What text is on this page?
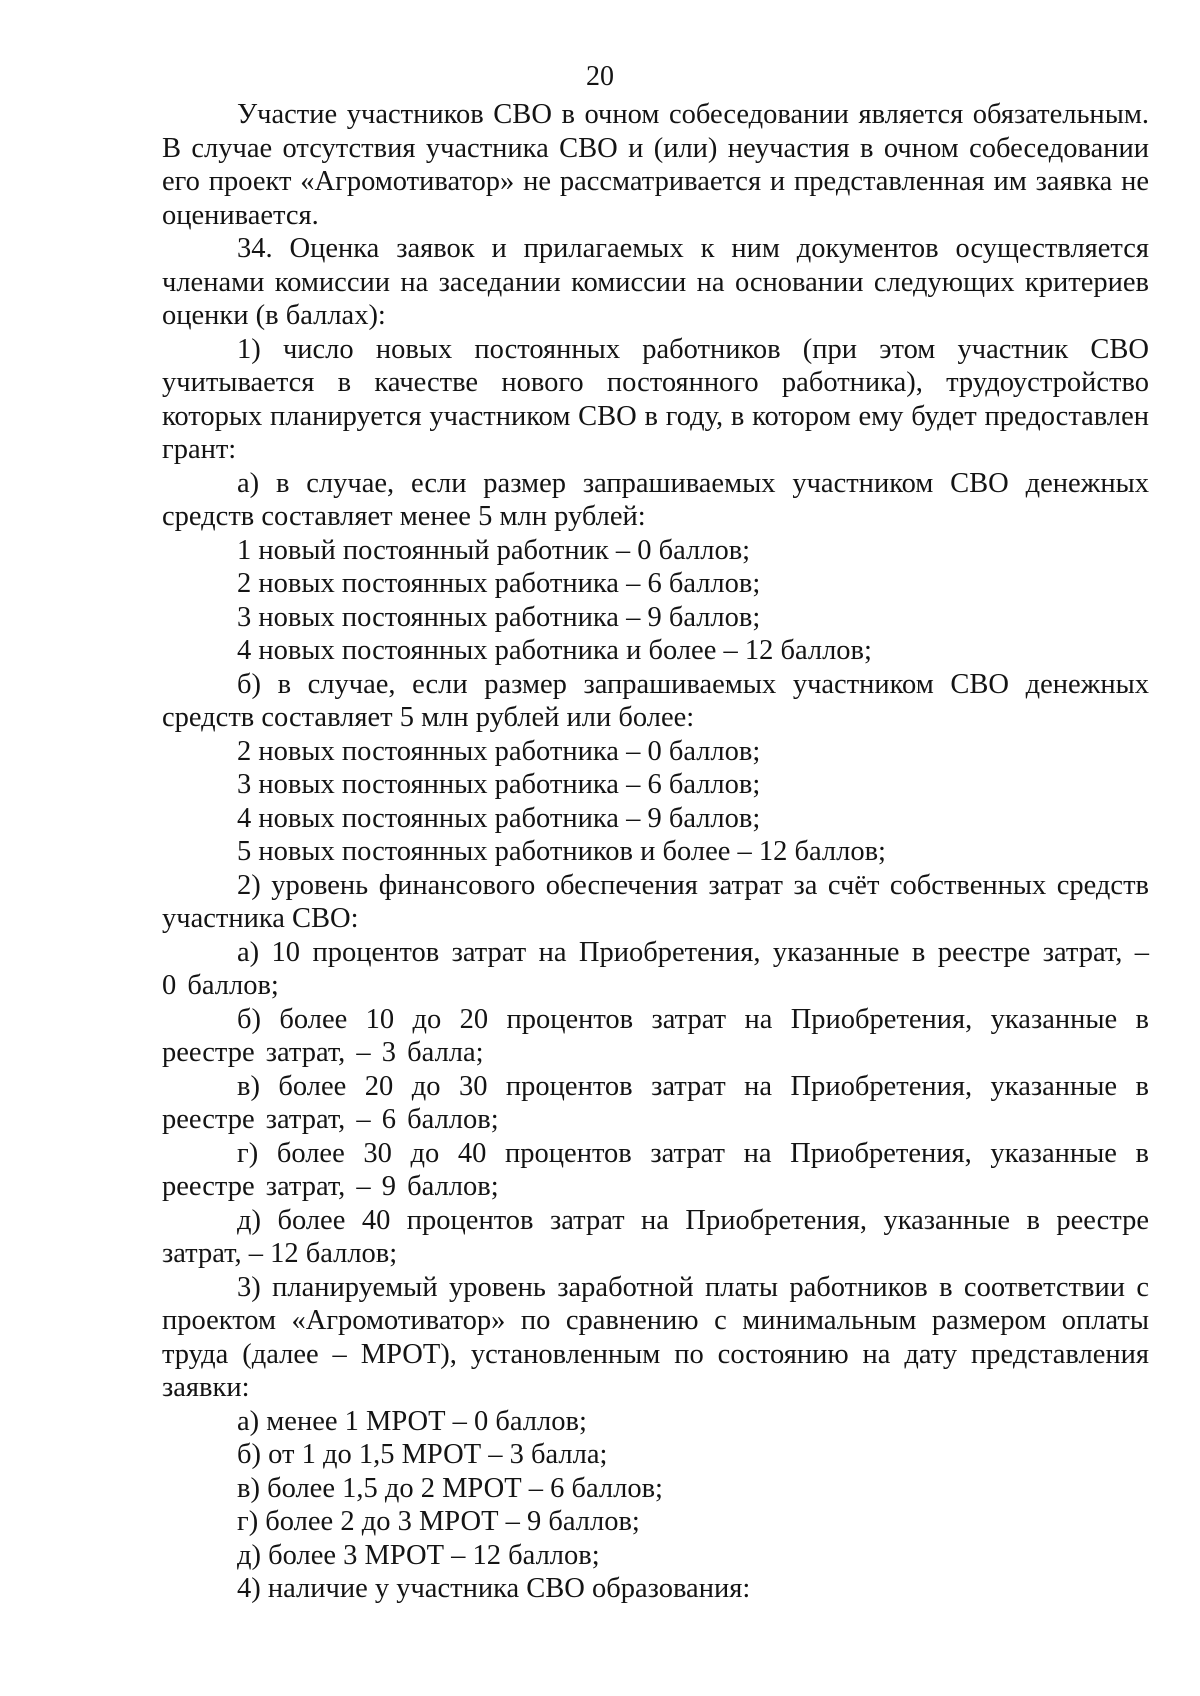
20

Участие участников СВО в очном собеседовании является обязательным. В случае отсутствия участника СВО и (или) неучастия в очном собеседовании его проект «Агромотиватор» не рассматривается и представленная им заявка не оценивается.

34. Оценка заявок и прилагаемых к ним документов осуществляется членами комиссии на заседании комиссии на основании следующих критериев оценки (в баллах):

1) число новых постоянных работников (при этом участник СВО учитывается в качестве нового постоянного работника), трудоустройство которых планируется участником СВО в году, в котором ему будет предоставлен грант:

а) в случае, если размер запрашиваемых участником СВО денежных средств составляет менее 5 млн рублей:

1 новый постоянный работник – 0 баллов;

2 новых постоянных работника – 6 баллов;

3 новых постоянных работника – 9 баллов;

4 новых постоянных работника и более – 12 баллов;

б) в случае, если размер запрашиваемых участником СВО денежных средств составляет 5 млн рублей или более:

2 новых постоянных работника – 0 баллов;

3 новых постоянных работника – 6 баллов;

4 новых постоянных работника – 9 баллов;

5 новых постоянных работников и более – 12 баллов;

2) уровень финансового обеспечения затрат за счёт собственных средств участника СВО:

а) 10 процентов затрат на Приобретения, указанные в реестре затрат, – 0 баллов;

б) более 10 до 20 процентов затрат на Приобретения, указанные в реестре затрат, – 3 балла;

в) более 20 до 30 процентов затрат на Приобретения, указанные в реестре затрат, – 6 баллов;

г) более 30 до 40 процентов затрат на Приобретения, указанные в реестре затрат, – 9 баллов;

д) более 40 процентов затрат на Приобретения, указанные в реестре затрат, – 12 баллов;

3) планируемый уровень заработной платы работников в соответствии с проектом «Агромотиватор» по сравнению с минимальным размером оплаты труда (далее – МРОТ), установленным по состоянию на дату представления заявки:

а) менее 1 МРОТ – 0 баллов;

б) от 1 до 1,5 МРОТ – 3 балла;

в) более 1,5 до 2 МРОТ – 6 баллов;

г) более 2 до 3 МРОТ – 9 баллов;

д) более 3 МРОТ – 12 баллов;

4) наличие у участника СВО образования:
